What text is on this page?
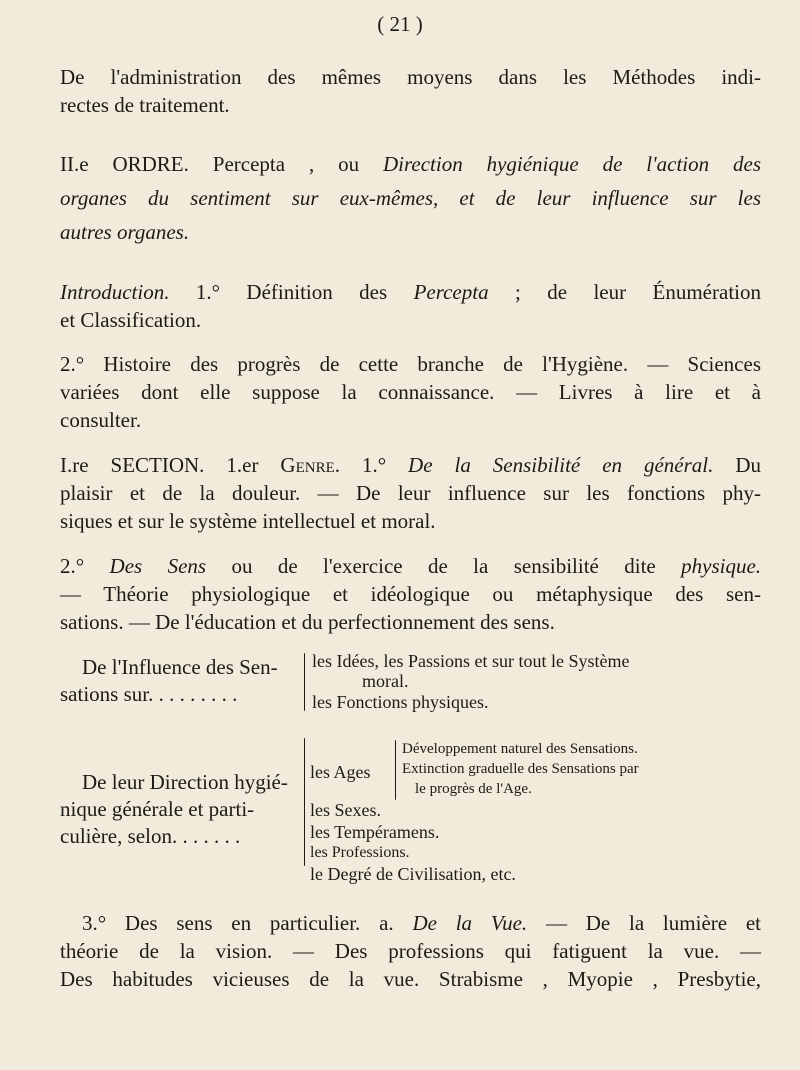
( 21 )
De l'administration des mêmes moyens dans les Méthodes indi-
rectes de traitement.
II.e ORDRE. Percepta , ou Direction hygiénique de l'action des
organes du sentiment sur eux-mêmes, et de leur influence sur les
autres organes.
Introduction. 1.° Définition des Percepta ; de leur Énumération
et Classification.
2.° Histoire des progrès de cette branche de l'Hygiène. — Sciences
variées dont elle suppose la connaissance. — Livres à lire et à
consulter.
I.re SECTION. 1.er Genre. 1.° De la Sensibilité en général. Du
plaisir et de la douleur. — De leur influence sur les fonctions phy-
siques et sur le système intellectuel et moral.
2.° Des Sens ou de l'exercice de la sensibilité dite physique.
— Théorie physiologique et idéologique ou métaphysique des sen-
sations. — De l'éducation et du perfectionnement des sens.
De l'Influence des Sen-
sations sur. . . . . . . . .
les Idées, les Passions et sur tout le Système
moral.
les Fonctions physiques.
De leur Direction hygié-
nique générale et parti-
culière, selon. . . . . . .
les Ages
Développement naturel des Sensations.
Extinction graduelle des Sensations par
le progrès de l'Age.
les Sexes.
les Tempéramens.
les Professions.
le Degré de Civilisation, etc.
3.° Des sens en particulier. a. De la Vue. — De la lumière et
théorie de la vision. — Des professions qui fatiguent la vue. —
Des habitudes vicieuses de la vue. Strabisme , Myopie , Presbytie,
